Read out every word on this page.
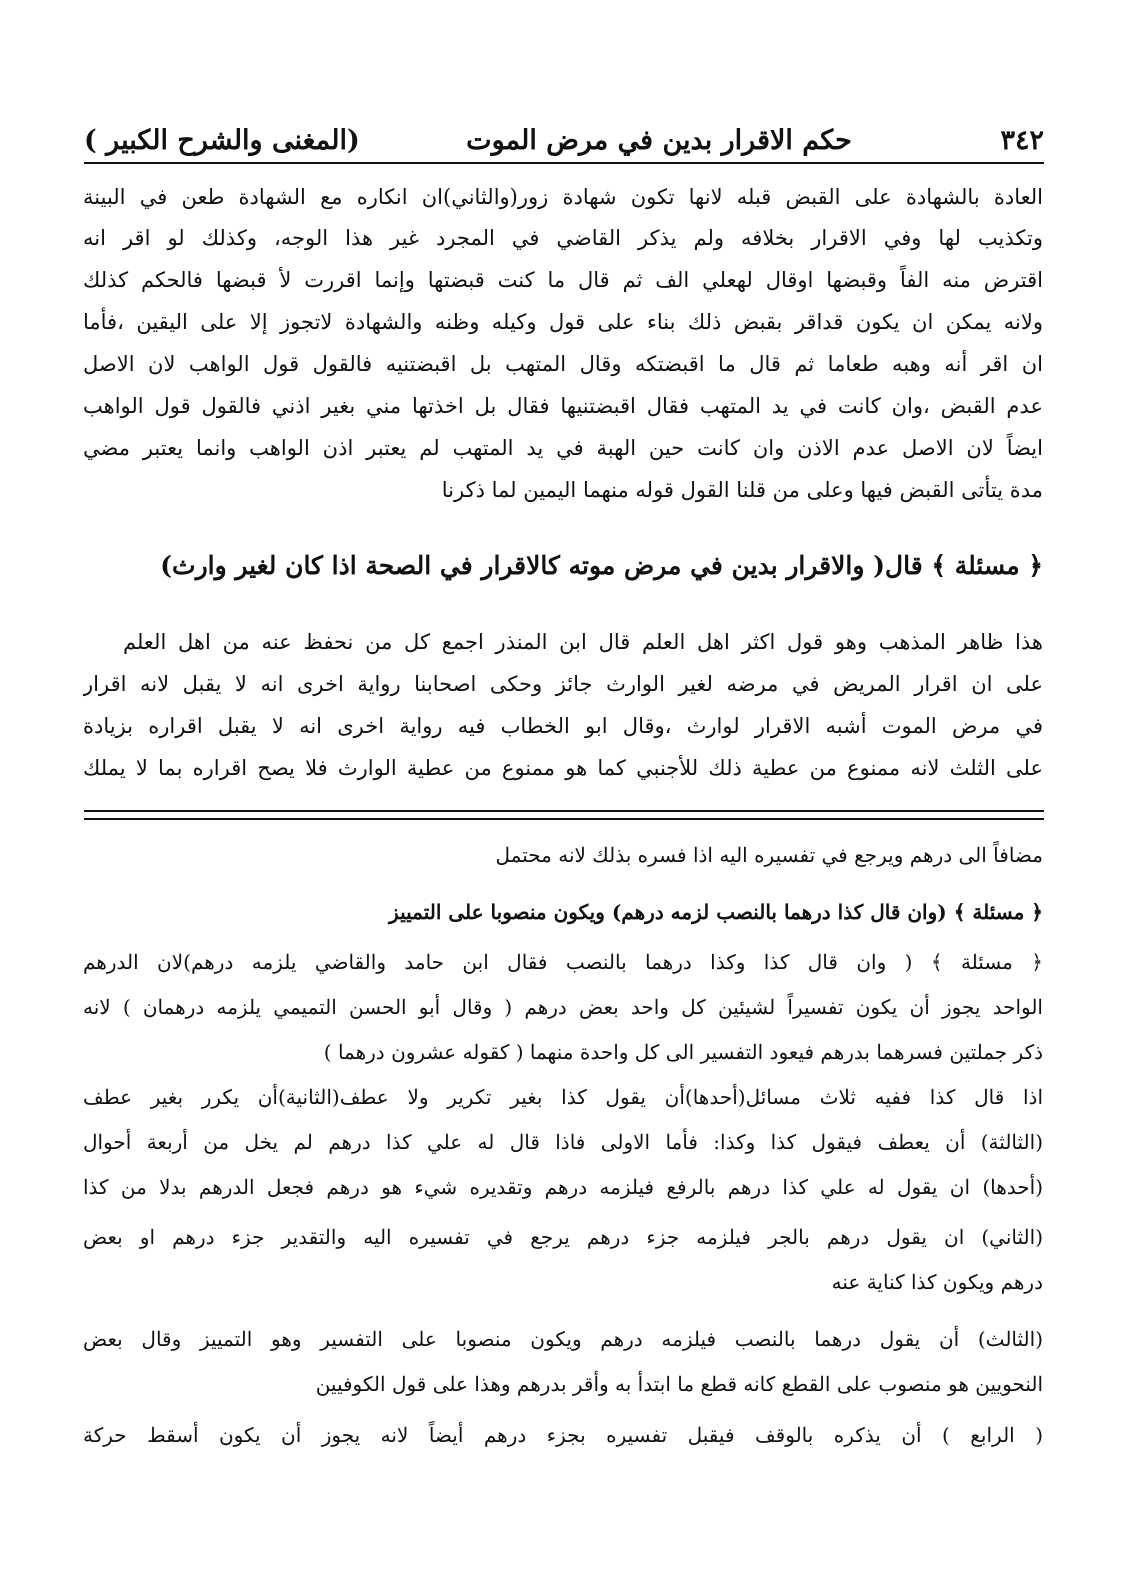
٣٤٢
حكم الاقرار بدين في مرض الموت
(المغنى والشرح الكبير )
العادة بالشهادة على القبض قبله لانها تكون شهادة زور(والثاني)ان انكاره مع الشهادة طعن في البينة
وتكذيب لها وفي الاقرار بخلافه ولم يذكر القاضي في المجرد غير هذا الوجه، وكذلك لو اقر انه
اقترض منه الفاً وقبضها اوقال لهعلي الف ثم قال ما كنت قبضتها وإنما اقررت لأ قبضها فالحكم كذلك
ولانه يمكن ان يكون قداقر بقبض ذلك بناء على قول وكيله وظنه والشهادة لاتجوز إلا على اليقين ،فأما
ان اقر أنه وهبه طعاما ثم قال ما اقبضتكه وقال المتهب بل اقبضتنيه فالقول قول الواهب لان الاصل
عدم القبض ،وان كانت في يد المتهب فقال اقبضتنيها فقال بل اخذتها مني بغير اذني فالقول قول الواهب
ايضاً لان الاصل عدم الاذن وان كانت حين الهبة في يد المتهب لم يعتبر اذن الواهب وانما يعتبر مضي
مدة يتأتى القبض فيها وعلى من قلنا القول قوله منهما اليمين لما ذكرنا
﴿ مسئلة ﴾ قال( والاقرار بدين في مرض موته كالاقرار في الصحة اذا كان لغير وارث)
هذا ظاهر المذهب وهو قول اكثر اهل العلم قال ابن المنذر اجمع كل من نحفظ عنه من اهل العلم
على ان اقرار المريض في مرضه لغير الوارث جائز وحكى اصحابنا رواية اخرى انه لا يقبل لانه اقرار
في مرض الموت أشبه الاقرار لوارث ،وقال ابو الخطاب فيه رواية اخرى انه لا يقبل اقراره بزيادة
على الثلث لانه ممنوع من عطية ذلك للأجنبي كما هو ممنوع من عطية الوارث فلا يصح اقراره بما لا يملك
مضافاً الى درهم ويرجع في تفسيره اليه اذا فسره بذلك لانه محتمل
﴿ مسئلة ﴾ (وان قال كذا درهما بالنصب لزمه درهم) ويكون منصوبا على التمييز
﴿ مسئلة ﴾ ( وان قال كذا وكذا درهما بالنصب فقال ابن حامد والقاضي يلزمه درهم)لان الدرهم
الواحد يجوز أن يكون تفسيراً لشيئين كل واحد بعض درهم ( وقال أبو الحسن التميمي يلزمه درهمان ) لانه
ذكر جملتين فسرهما بدرهم فيعود التفسير الى كل واحدة منهما ( كقوله عشرون درهما )
اذا قال كذا ففيه ثلاث مسائل(أحدها)أن يقول كذا بغير تكرير ولا عطف(الثانية)أن يكرر بغير عطف
(الثالثة) أن يعطف فيقول كذا وكذا: فأما الاولى فاذا قال له علي كذا درهم لم يخل من أربعة أحوال
(أحدها) ان يقول له علي كذا درهم بالرفع فيلزمه درهم وتقديره شيء هو درهم فجعل الدرهم بدلا من كذا
(الثاني) ان يقول درهم بالجر فيلزمه جزء درهم يرجع في تفسيره اليه والتقدير جزء درهم او بعض
درهم ويكون كذا كناية عنه
(الثالث) أن يقول درهما بالنصب فيلزمه درهم ويكون منصوبا على التفسير وهو التمييز وقال بعض
النحويين هو منصوب على القطع كانه قطع ما ابتدأ به وأقر بدرهم وهذا على قول الكوفيين
( الرابع ) أن يذكره بالوقف فيقبل تفسيره بجزء درهم أيضاً لانه يجوز أن يكون أسقط حركة
